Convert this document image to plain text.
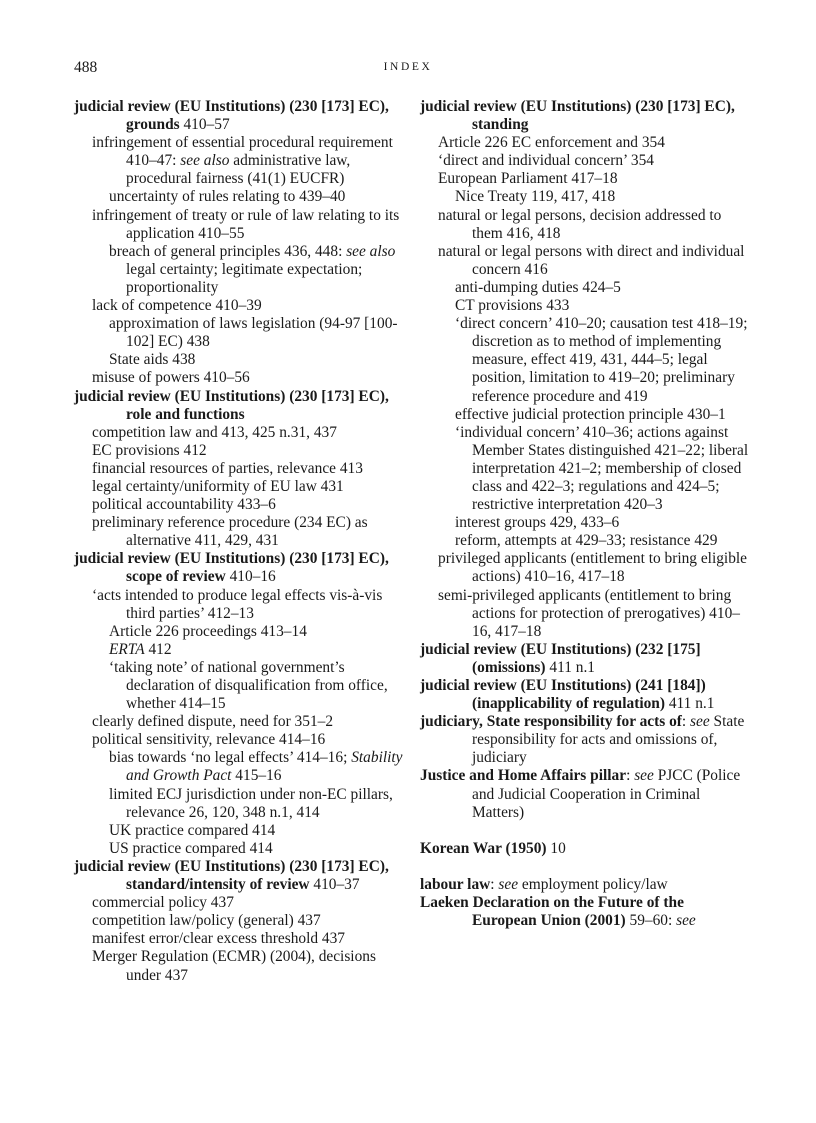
488	INDEX
judicial review (EU Institutions) (230 [173] EC), grounds 410–57
infringement of essential procedural requirement 410–47: see also administrative law, procedural fairness (41(1) EUCFR)
uncertainty of rules relating to 439–40
infringement of treaty or rule of law relating to its application 410–55
breach of general principles 436, 448: see also legal certainty; legitimate expectation; proportionality
lack of competence 410–39
approximation of laws legislation (94-97 [100-102] EC) 438
State aids 438
misuse of powers 410–56
judicial review (EU Institutions) (230 [173] EC), role and functions
competition law and 413, 425 n.31, 437
EC provisions 412
financial resources of parties, relevance 413
legal certainty/uniformity of EU law 431
political accountability 433–6
preliminary reference procedure (234 EC) as alternative 411, 429, 431
judicial review (EU Institutions) (230 [173] EC), scope of review 410–16
‘acts intended to produce legal effects vis-à-vis third parties’ 412–13
Article 226 proceedings 413–14
ERTA 412
‘taking note’ of national government’s declaration of disqualification from office, whether 414–15
clearly defined dispute, need for 351–2
political sensitivity, relevance 414–16
bias towards ‘no legal effects’ 414–16; Stability and Growth Pact 415–16
limited ECJ jurisdiction under non-EC pillars, relevance 26, 120, 348 n.1, 414
UK practice compared 414
US practice compared 414
judicial review (EU Institutions) (230 [173] EC), standard/intensity of review 410–37
commercial policy 437
competition law/policy (general) 437
manifest error/clear excess threshold 437
Merger Regulation (ECMR) (2004), decisions under 437
judicial review (EU Institutions) (230 [173] EC), standing
Article 226 EC enforcement and 354
‘direct and individual concern’ 354
European Parliament 417–18
Nice Treaty 119, 417, 418
natural or legal persons, decision addressed to them 416, 418
natural or legal persons with direct and individual concern 416
anti-dumping duties 424–5
CT provisions 433
‘direct concern’ 410–20; causation test 418–19; discretion as to method of implementing measure, effect 419, 431, 444–5; legal position, limitation to 419–20; preliminary reference procedure and 419
effective judicial protection principle 430–1
‘individual concern’ 410–36; actions against Member States distinguished 421–22; liberal interpretation 421–2; membership of closed class and 422–3; regulations and 424–5; restrictive interpretation 420–3
interest groups 429, 433–6
reform, attempts at 429–33; resistance 429
privileged applicants (entitlement to bring eligible actions) 410–16, 417–18
semi-privileged applicants (entitlement to bring actions for protection of prerogatives) 410–16, 417–18
judicial review (EU Institutions) (232 [175] (omissions) 411 n.1
judicial review (EU Institutions) (241 [184]) (inapplicability of regulation) 411 n.1
judiciary, State responsibility for acts of: see State responsibility for acts and omissions of, judiciary
Justice and Home Affairs pillar: see PJCC (Police and Judicial Cooperation in Criminal Matters)
Korean War (1950) 10
labour law: see employment policy/law
Laeken Declaration on the Future of the European Union (2001) 59–60: see
